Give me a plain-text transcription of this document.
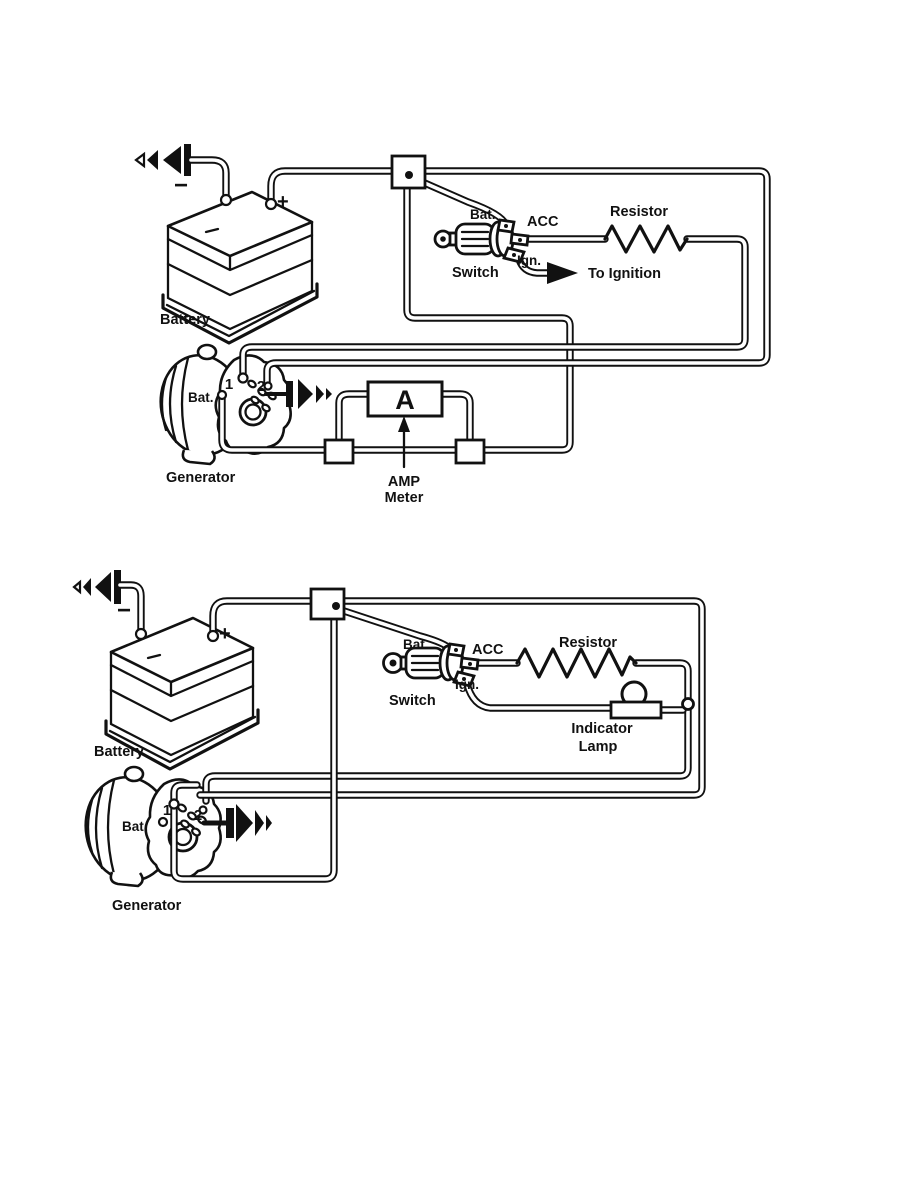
A
−
+
Battery
Bat. ACC
Resistor
Ign.
Switch	To Ignition
1 2
Bat.
Generator	AMP
Meter
−
+
Battery
Bat.	ACC	Resistor
Ign.
Switch
Indicator
Lamp
1 2
Bat.
Generator
